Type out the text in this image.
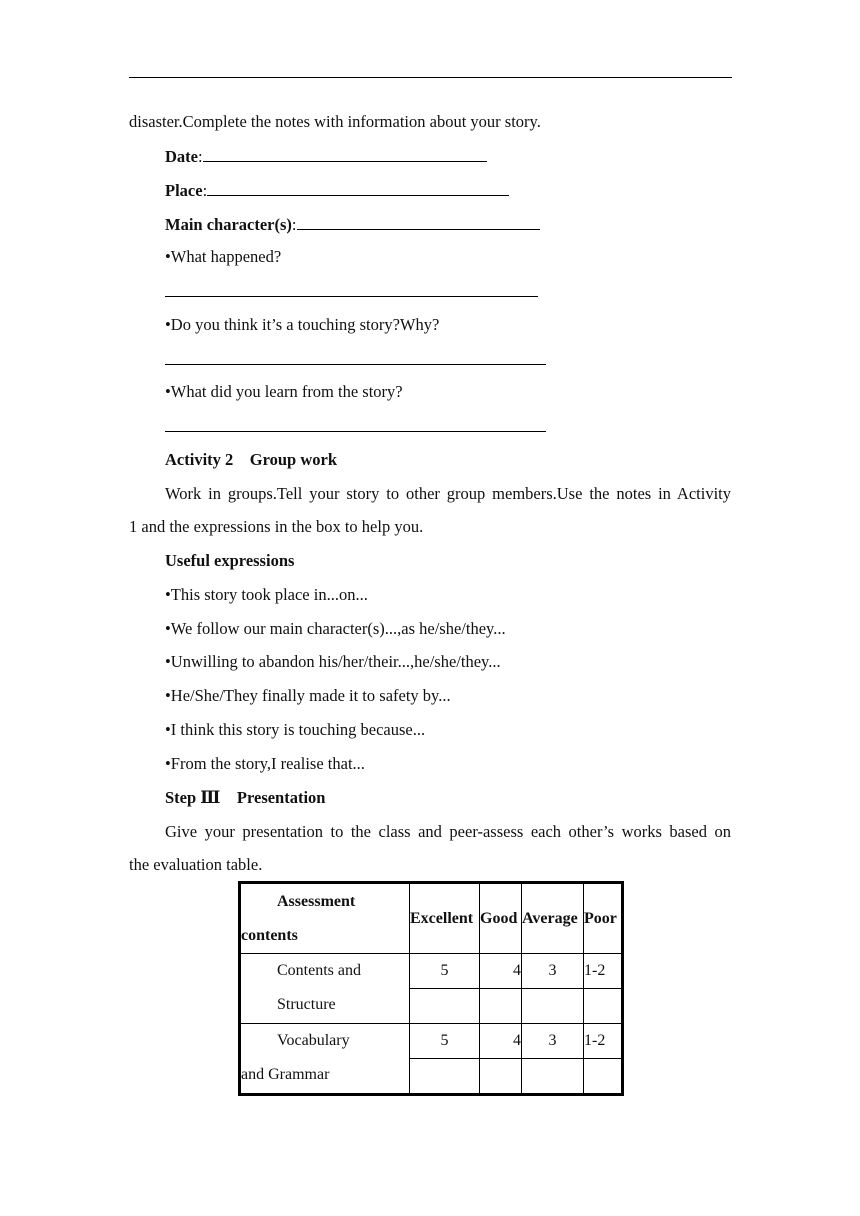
disaster.Complete the notes with information about your story.
Date:
Place:
Main character(s):
•What happened?
•Do you think it’s a touching story?Why?
•What did you learn from the story?
Activity 2    Group work
Work in groups.Tell your story to other group members.Use the notes in Activity
1 and the expressions in the box to help you.
Useful expressions
•This story took place in...on...
•We follow our main character(s)...,as he/she/they...
•Unwilling to abandon his/her/their...,he/she/they...
•He/She/They finally made it to safety by...
•I think this story is touching because...
•From the story,I realise that...
Step Ⅲ    Presentation
Give your presentation to the class and peer-assess each other’s works based on
the evaluation table.
Assessment
contents	Excellent	Good	Average	Poor

Contents and
Structure	5	4	3	1-2

Vocabulary
and Grammar	5	4	3	1-2
